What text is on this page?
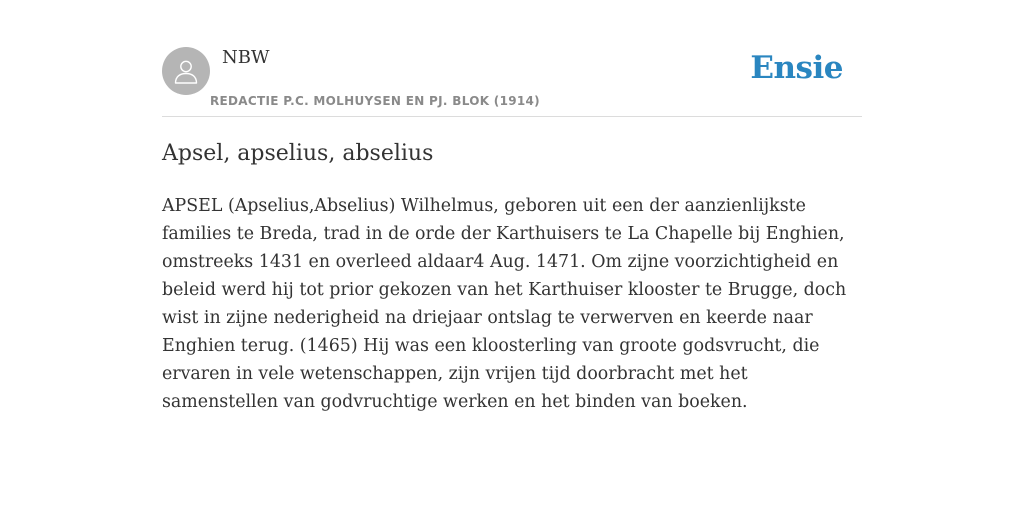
NBW
REDACTIE P.C. MOLHUYSEN EN PJ. BLOK (1914)
Ensie
Apsel, apselius, abselius

APSEL (Apselius,Abselius) Wilhelmus, geboren uit een der aanzienlijkste families te Breda, trad in de orde der Karthuisers te La Chapelle bij Enghien, omstreeks 1431 en overleed aldaar4 Aug. 1471. Om zijne voorzichtigheid en beleid werd hij tot prior gekozen van het Karthuiser klooster te Brugge, doch wist in zijne nederigheid na driejaar ontslag te verwerven en keerde naar Enghien terug. (1465) Hij was een kloosterling van groote godsvrucht, die ervaren in vele wetenschappen, zijn vrijen tijd doorbracht met het samenstellen van godvruchtige werken en het binden van boeken.
